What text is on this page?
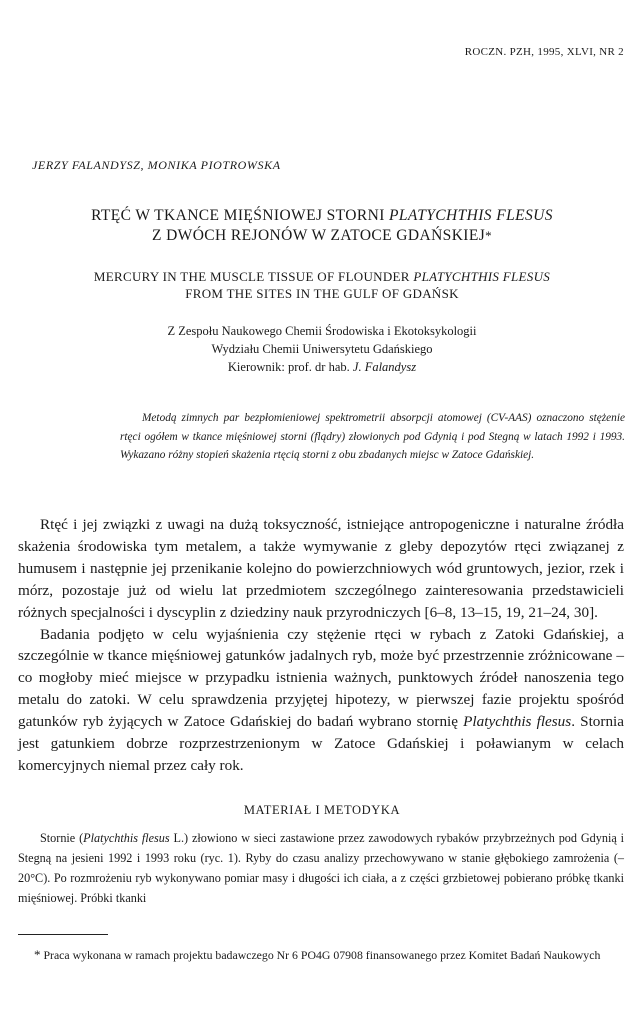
ROCZN. PZH, 1995, XLVI, NR 2
JERZY FALANDYSZ, MONIKA PIOTROWSKA
RTĘĆ W TKANCE MIĘŚNIOWEJ STORNI PLATYCHTHIS FLESUS
Z DWÓCH REJONÓW W ZATOCE GDAŃSKIEJ*
MERCURY IN THE MUSCLE TISSUE OF FLOUNDER PLATYCHTHIS FLESUS
FROM THE SITES IN THE GULF OF GDAŃSK
Z Zespołu Naukowego Chemii Środowiska i Ekotoksykologii
Wydziału Chemii Uniwersytetu Gdańskiego
Kierownik: prof. dr hab. J. Falandysz

Metodą zimnych par bezpłomieniowej spektrometrii absorpcji atomowej (CV-AAS) oznaczono stężenie rtęci ogółem w tkance mięśniowej storni (flądry) złowionych pod Gdynią i pod Stegną w latach 1992 i 1993. Wykazano różny stopień skażenia rtęcią storni z obu zbadanych miejsc w Zatoce Gdańskiej.

Rtęć i jej związki z uwagi na dużą toksyczność, istniejące antropogeniczne i naturalne źródła skażenia środowiska tym metalem, a także wymywanie z gleby depozytów rtęci związanej z humusem i następnie jej przenikanie kolejno do powierzchniowych wód gruntowych, jezior, rzek i mórz, pozostaje już od wielu lat przedmiotem szczególnego zainteresowania przedstawicieli różnych specjalności i dyscyplin z dziedziny nauk przyrodniczych [6–8, 13–15, 19, 21–24, 30].

Badania podjęto w celu wyjaśnienia czy stężenie rtęci w rybach z Zatoki Gdańskiej, a szczególnie w tkance mięśniowej gatunków jadalnych ryb, może być przestrzennie zróżnicowane – co mogłoby mieć miejsce w przypadku istnienia ważnych, punktowych źródeł nanoszenia tego metalu do zatoki. W celu sprawdzenia przyjętej hipotezy, w pierwszej fazie projektu spośród gatunków ryb żyjących w Zatoce Gdańskiej do badań wybrano stornię Platychthis flesus. Stornia jest gatunkiem dobrze rozprzestrzenionym w Zatoce Gdańskiej i poławianym w celach komercyjnych niemal przez cały rok.

MATERIAŁ I METODYKA

Stornie (Platychthis flesus L.) złowiono w sieci zastawione przez zawodowych rybaków przybrzeżnych pod Gdynią i Stegną na jesieni 1992 i 1993 roku (ryc. 1). Ryby do czasu analizy przechowywano w stanie głębokiego zamrożenia (– 20°C). Po rozmrożeniu ryb wykonywano pomiar masy i długości ich ciała, a z części grzbietowej pobierano próbkę tkanki mięśniowej. Próbki tkanki

* Praca wykonana w ramach projektu badawczego Nr 6 PO4G 07908 finansowanego przez Komitet Badań Naukowych
